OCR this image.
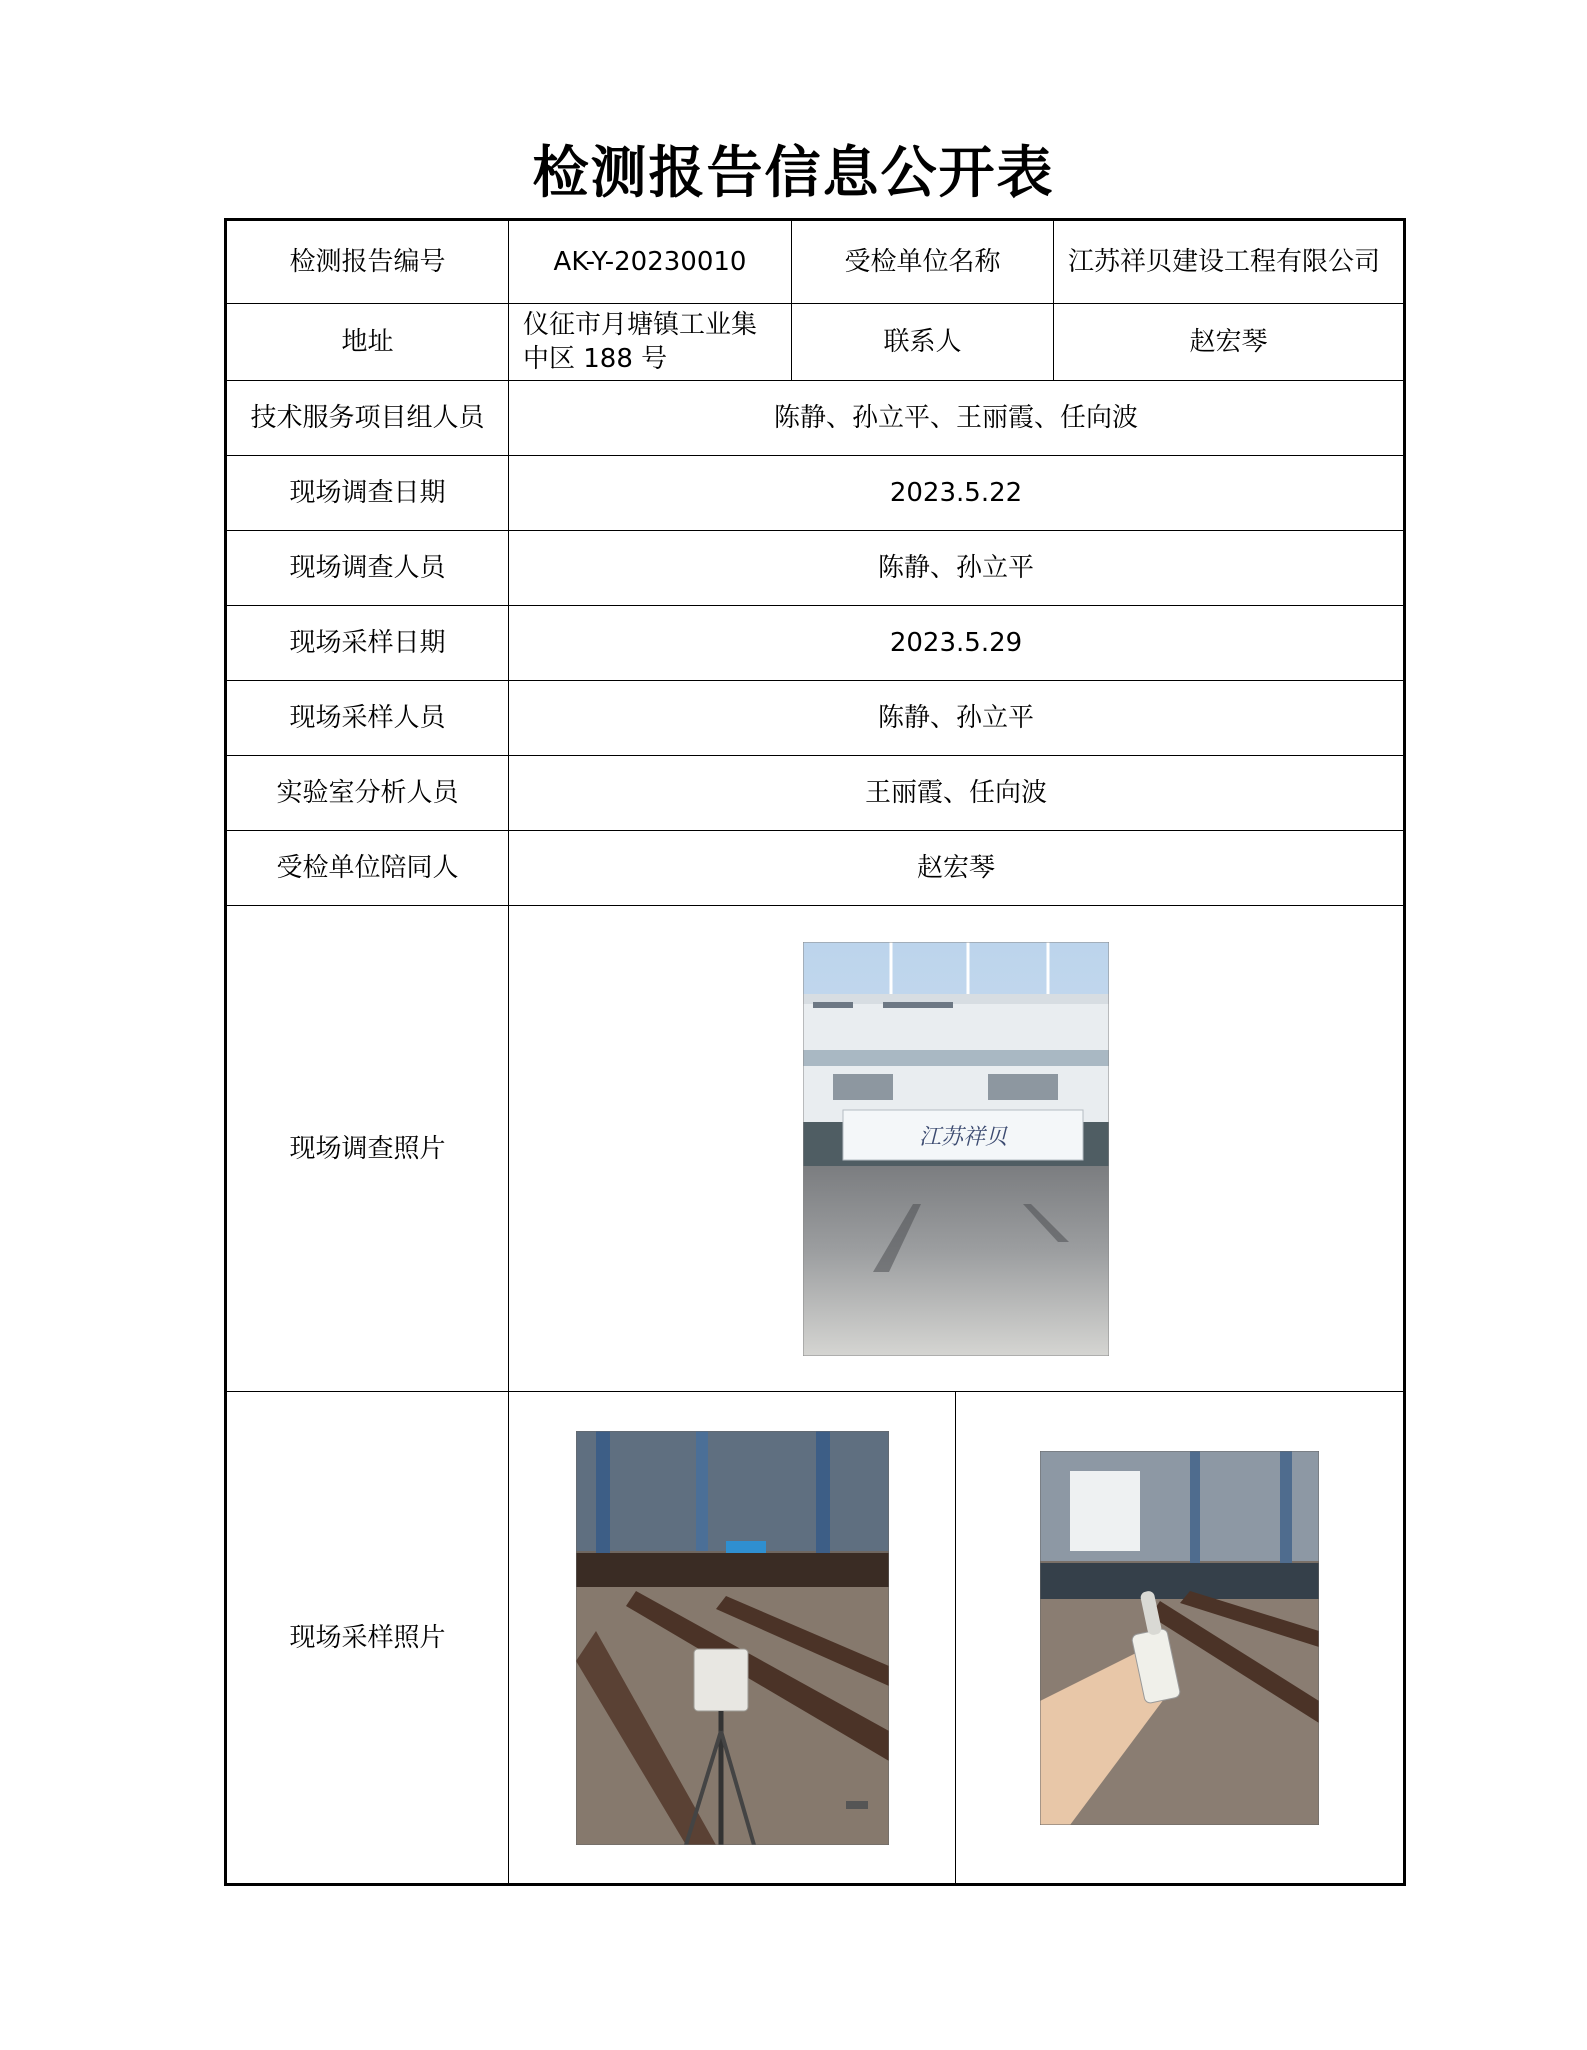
检测报告信息公开表
检测报告编号	AK-Y-20230010	受检单位名称		江苏祥贝建设工程有限公司
地址	仪征市月塘镇工业集中区 188 号	联系人		赵宏琴
技术服务项目组人员	陈静、孙立平、王丽霞、任向波			
现场调查日期	2023.5.22			
现场调查人员	陈静、孙立平			
现场采样日期	2023.5.29			
现场采样人员	陈静、孙立平			
实验室分析人员	王丽霞、任向波			
受检单位陪同人	赵宏琴			
现场调查照片	江苏祥贝			

现场采样照片	
